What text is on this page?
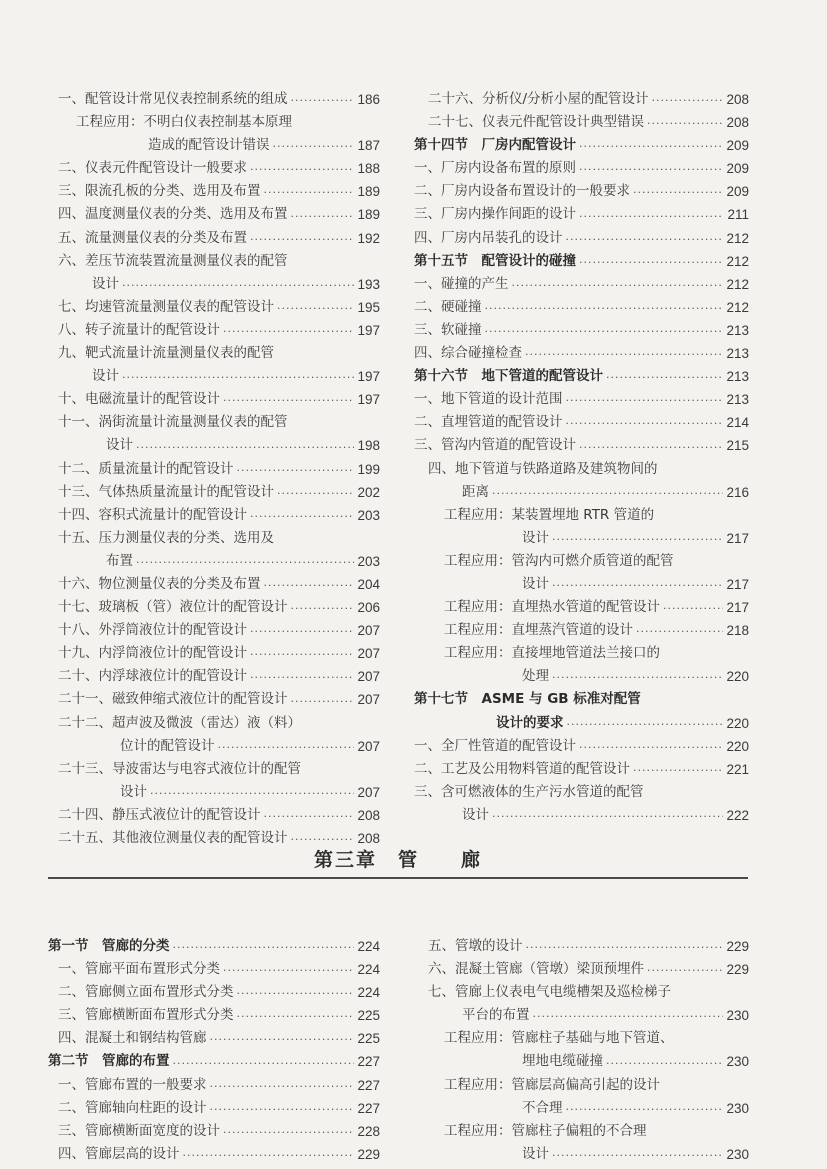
一、配管设计常见仪表控制系统的组成 ·····	186
工程应用：不明白仪表控制基本原理
造成的配管设计错误 ·····	187
二、仪表元件配管设计一般要求 ·····	188
三、限流孔板的分类、选用及布置 ·····	189
四、温度测量仪表的分类、选用及布置 ·····	189
五、流量测量仪表的分类及布置 ·····	192
六、差压节流装置流量测量仪表的配管
设计 ·····	193
七、均速管流量测量仪表的配管设计 ·····	195
八、转子流量计的配管设计 ·····	197
九、靶式流量计流量测量仪表的配管
设计 ·····	197
十、电磁流量计的配管设计 ·····	197
十一、涡街流量计流量测量仪表的配管
设计 ·····	198
十二、质量流量计的配管设计 ·····	199
十三、气体热质量流量计的配管设计 ·····	202
十四、容积式流量计的配管设计 ·····	203
十五、压力测量仪表的分类、选用及
布置 ·····	203
十六、物位测量仪表的分类及布置 ·····	204
十七、玻璃板（管）液位计的配管设计 ·····	206
十八、外浮筒液位计的配管设计 ·····	207
十九、内浮筒液位计的配管设计 ·····	207
二十、内浮球液位计的配管设计 ·····	207
二十一、磁致伸缩式液位计的配管设计 ·····	207
二十二、超声波及微波（雷达）液（料）
位计的配管设计 ·····	207
二十三、导波雷达与电容式液位计的配管
设计 ·····	207
二十四、静压式液位计的配管设计 ·····	208
二十五、其他液位测量仪表的配管设计 ·····	208
二十六、分析仪/分析小屋的配管设计 ·····	208
二十七、仪表元件配管设计典型错误 ·····	208
第十四节　厂房内配管设计 ·····	209
一、厂房内设备布置的原则 ·····	209
二、厂房内设备布置设计的一般要求 ·····	209
三、厂房内操作间距的设计 ·····	211
四、厂房内吊装孔的设计 ·····	212
第十五节　配管设计的碰撞 ·····	212
一、碰撞的产生 ·····	212
二、硬碰撞 ·····	212
三、软碰撞 ·····	213
四、综合碰撞检查 ·····	213
第十六节　地下管道的配管设计 ·····	213
一、地下管道的设计范围 ·····	213
二、直埋管道的配管设计 ·····	214
三、管沟内管道的配管设计 ·····	215
四、地下管道与铁路道路及建筑物间的
距离 ·····	216
工程应用：某装置埋地 RTR 管道的
设计 ·····	217
工程应用：管沟内可燃介质管道的配管
设计 ·····	217
工程应用：直埋热水管道的配管设计 ·····	217
工程应用：直埋蒸汽管道的设计 ·····	218
工程应用：直接埋地管道法兰接口的
处理 ·····	220
第十七节　ASME 与 GB 标准对配管
设计的要求 ·····	220
一、全厂性管道的配管设计 ·····	220
二、工艺及公用物料管道的配管设计 ·····	221
三、含可燃液体的生产污水管道的配管
设计 ·····	222
第三章　管　　廊
第一节　管廊的分类 ·····	224
一、管廊平面布置形式分类 ·····	224
二、管廊侧立面布置形式分类 ·····	224
三、管廊横断面布置形式分类 ·····	225
四、混凝土和钢结构管廊 ·····	225
第二节　管廊的布置 ·····	227
一、管廊布置的一般要求 ·····	227
二、管廊轴向柱距的设计 ·····	227
三、管廊横断面宽度的设计 ·····	228
四、管廊层高的设计 ·····	229
五、管墩的设计 ·····	229
六、混凝土管廊（管墩）梁顶预埋件 ·····	229
七、管廊上仪表电气电缆槽架及巡检梯子
平台的布置 ·····	230
工程应用：管廊柱子基础与地下管道、
埋地电缆碰撞 ·····	230
工程应用：管廊层高偏高引起的设计
不合理 ·····	230
工程应用：管廊柱子偏粗的不合理
设计 ·····	230
